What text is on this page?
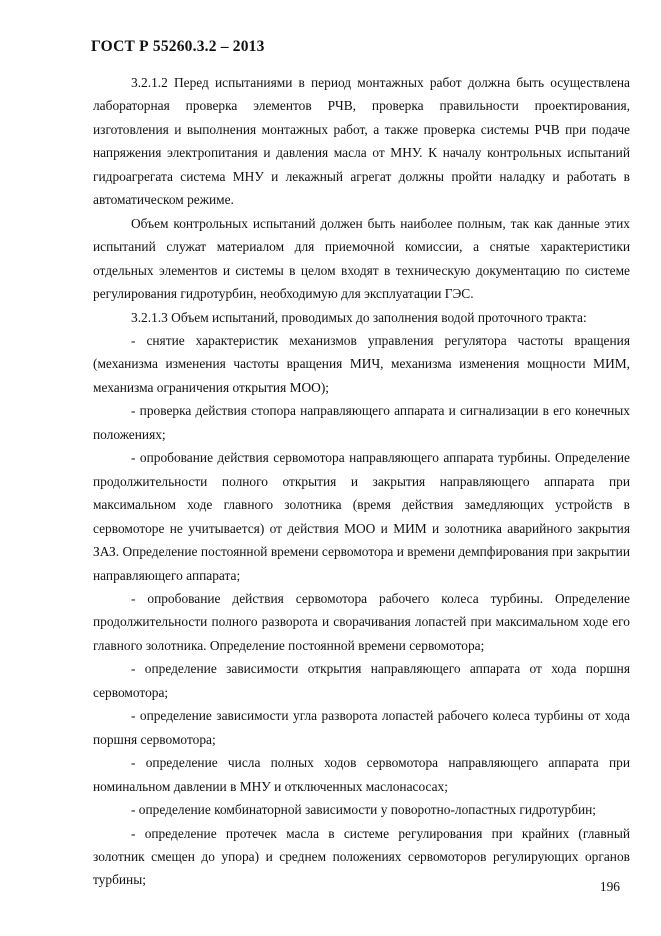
ГОСТ Р 55260.3.2 – 2013

3.2.1.2 Перед испытаниями в период монтажных работ должна быть осуществлена лабораторная проверка элементов РЧВ, проверка правильности проектирования, изготовления и выполнения монтажных работ, а также проверка системы РЧВ при подаче напряжения электропитания и давления масла от МНУ. К началу контрольных испытаний гидроагрегата система МНУ и лекажный агрегат должны пройти наладку и работать в автоматическом режиме.

Объем контрольных испытаний должен быть наиболее полным, так как данные этих испытаний служат материалом для приемочной комиссии, а снятые характеристики отдельных элементов и системы в целом входят в техническую документацию по системе регулирования гидротурбин, необходимую для эксплуатации ГЭС.

3.2.1.3 Объем испытаний, проводимых до заполнения водой проточного тракта:

- снятие характеристик механизмов управления регулятора частоты вращения (механизма изменения частоты вращения МИЧ, механизма изменения мощности МИМ, механизма ограничения открытия МОО);

- проверка действия стопора направляющего аппарата и сигнализации в его конечных положениях;

- опробование действия сервомотора направляющего аппарата турбины. Определение продолжительности полного открытия и закрытия направляющего аппарата при максимальном ходе главного золотника (время действия замедляющих устройств в сервомоторе не учитывается) от действия МОО и МИМ и золотника аварийного закрытия ЗАЗ. Определение постоянной времени сервомотора и времени демпфирования при закрытии направляющего аппарата;

- опробование действия сервомотора рабочего колеса турбины. Определение продолжительности полного разворота и сворачивания лопастей при максимальном ходе его главного золотника. Определение постоянной времени сервомотора;

- определение зависимости открытия направляющего аппарата от хода поршня сервомотора;

- определение зависимости угла разворота лопастей рабочего колеса турбины от хода поршня сервомотора;

- определение числа полных ходов сервомотора направляющего аппарата при номинальном давлении в МНУ и отключенных маслонасосах;

- определение комбинаторной зависимости у поворотно-лопастных гидротурбин;

- определение протечек масла в системе регулирования при крайних (главный золотник смещен до упора) и среднем положениях сервомоторов регулирующих органов турбины;	196
